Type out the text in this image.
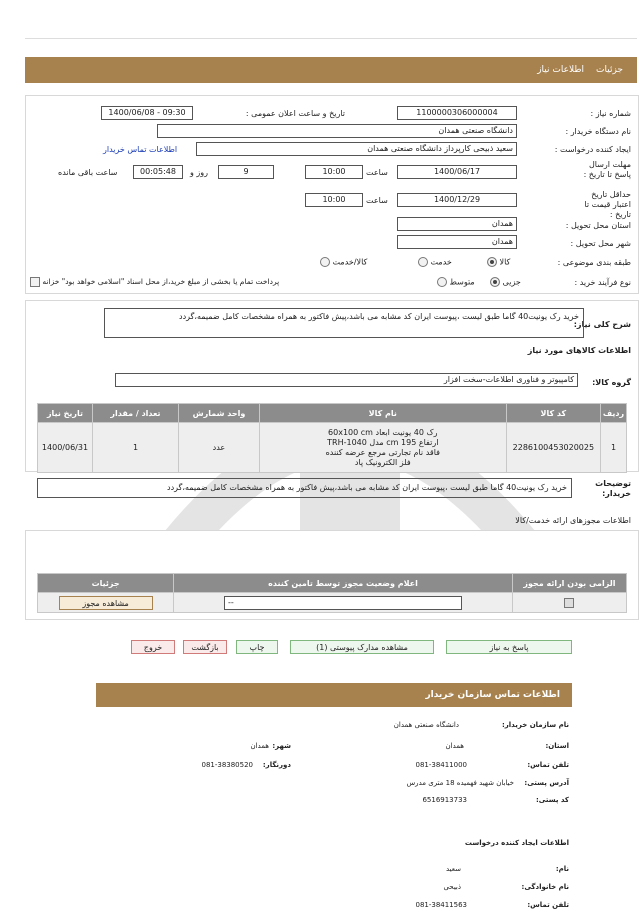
جزئیات
اطلاعات نیاز
شماره نیاز :
1100000306000004
تاریخ و ساعت اعلان عمومی :
1400/06/08 - 09:30
نام دستگاه خریدار :
دانشگاه صنعتی همدان
ایجاد کننده درخواست :
سعید ذبیحی کارپرداز دانشگاه صنعتی همدان
اطلاعات تماس خریدار
مهلت ارسال پاسخ تا تاریخ :
1400/06/17
ساعت
10:00
9
روز و
00:05:48
ساعت باقی مانده
حداقل تاریخ اعتبار قیمت تا تاریخ :
1400/12/29
ساعت
10:00
استان محل تحویل :
همدان
شهر محل تحویل :
همدان
طبقه بندی موضوعی :
کالا
خدمت
کالا/خدمت
نوع فرآیند خرید :
جزیی
متوسط
پرداخت تمام یا بخشی از مبلغ خرید،از محل اسناد "اسلامی خواهد بود" خزانه
شرح کلی نیاز:
خرید رک یونیت40 گاما طبق لیست ،پیوست ایران کد مشابه می باشد،پیش فاکتور به همراه مشخصات کامل ضمیمه،گردد
اطلاعات کالاهای مورد نیاز
گروه کالا:
کامپیوتر و فناوری اطلاعات-سخت افزار
تاریخ نیاز	تعداد / مقدار	واحد شمارش	نام کالا	کد کالا	ردیف
1400/06/31	1	عدد	رک 40 یونیت ابعاد 60x100 cm ارتفاع 195 cm مدل TRH-1040 فاقد نام تجارتی مرجع عرضه کننده فلز الکترونیک پاد	2286100453020025	1
توضیحات خریدار:
خرید رک یونیت40 گاما طبق لیست ،پیوست ایران کد مشابه می باشد،پیش فاکتور به همراه مشخصات کامل ضمیمه،گردد
اطلاعات مجوزهای ارائه خدمت/کالا
جزئیات	اعلام وضعیت مجوز توسط تامین کننده	الزامی بودن ارائه مجوز

مشاهده مجوز	--	

پاسخ به نیاز
مشاهده مدارک پیوستی (1)
چاپ
بازگشت
خروج
اطلاعات تماس سازمان خریدار
نام سازمان خریدار:
دانشگاه صنعتی همدان
استان:
همدان
شهر:
همدان
تلفن تماس:
081-38411000
دورنگار:
081-38380520
آدرس پستی:
خیابان شهید فهمیده 18 متری مدرس
کد پستی:
6516913733
اطلاعات ایجاد کننده درخواست
نام:
سعید
نام خانوادگی:
ذبیحی
تلفن تماس:
081-38411563
